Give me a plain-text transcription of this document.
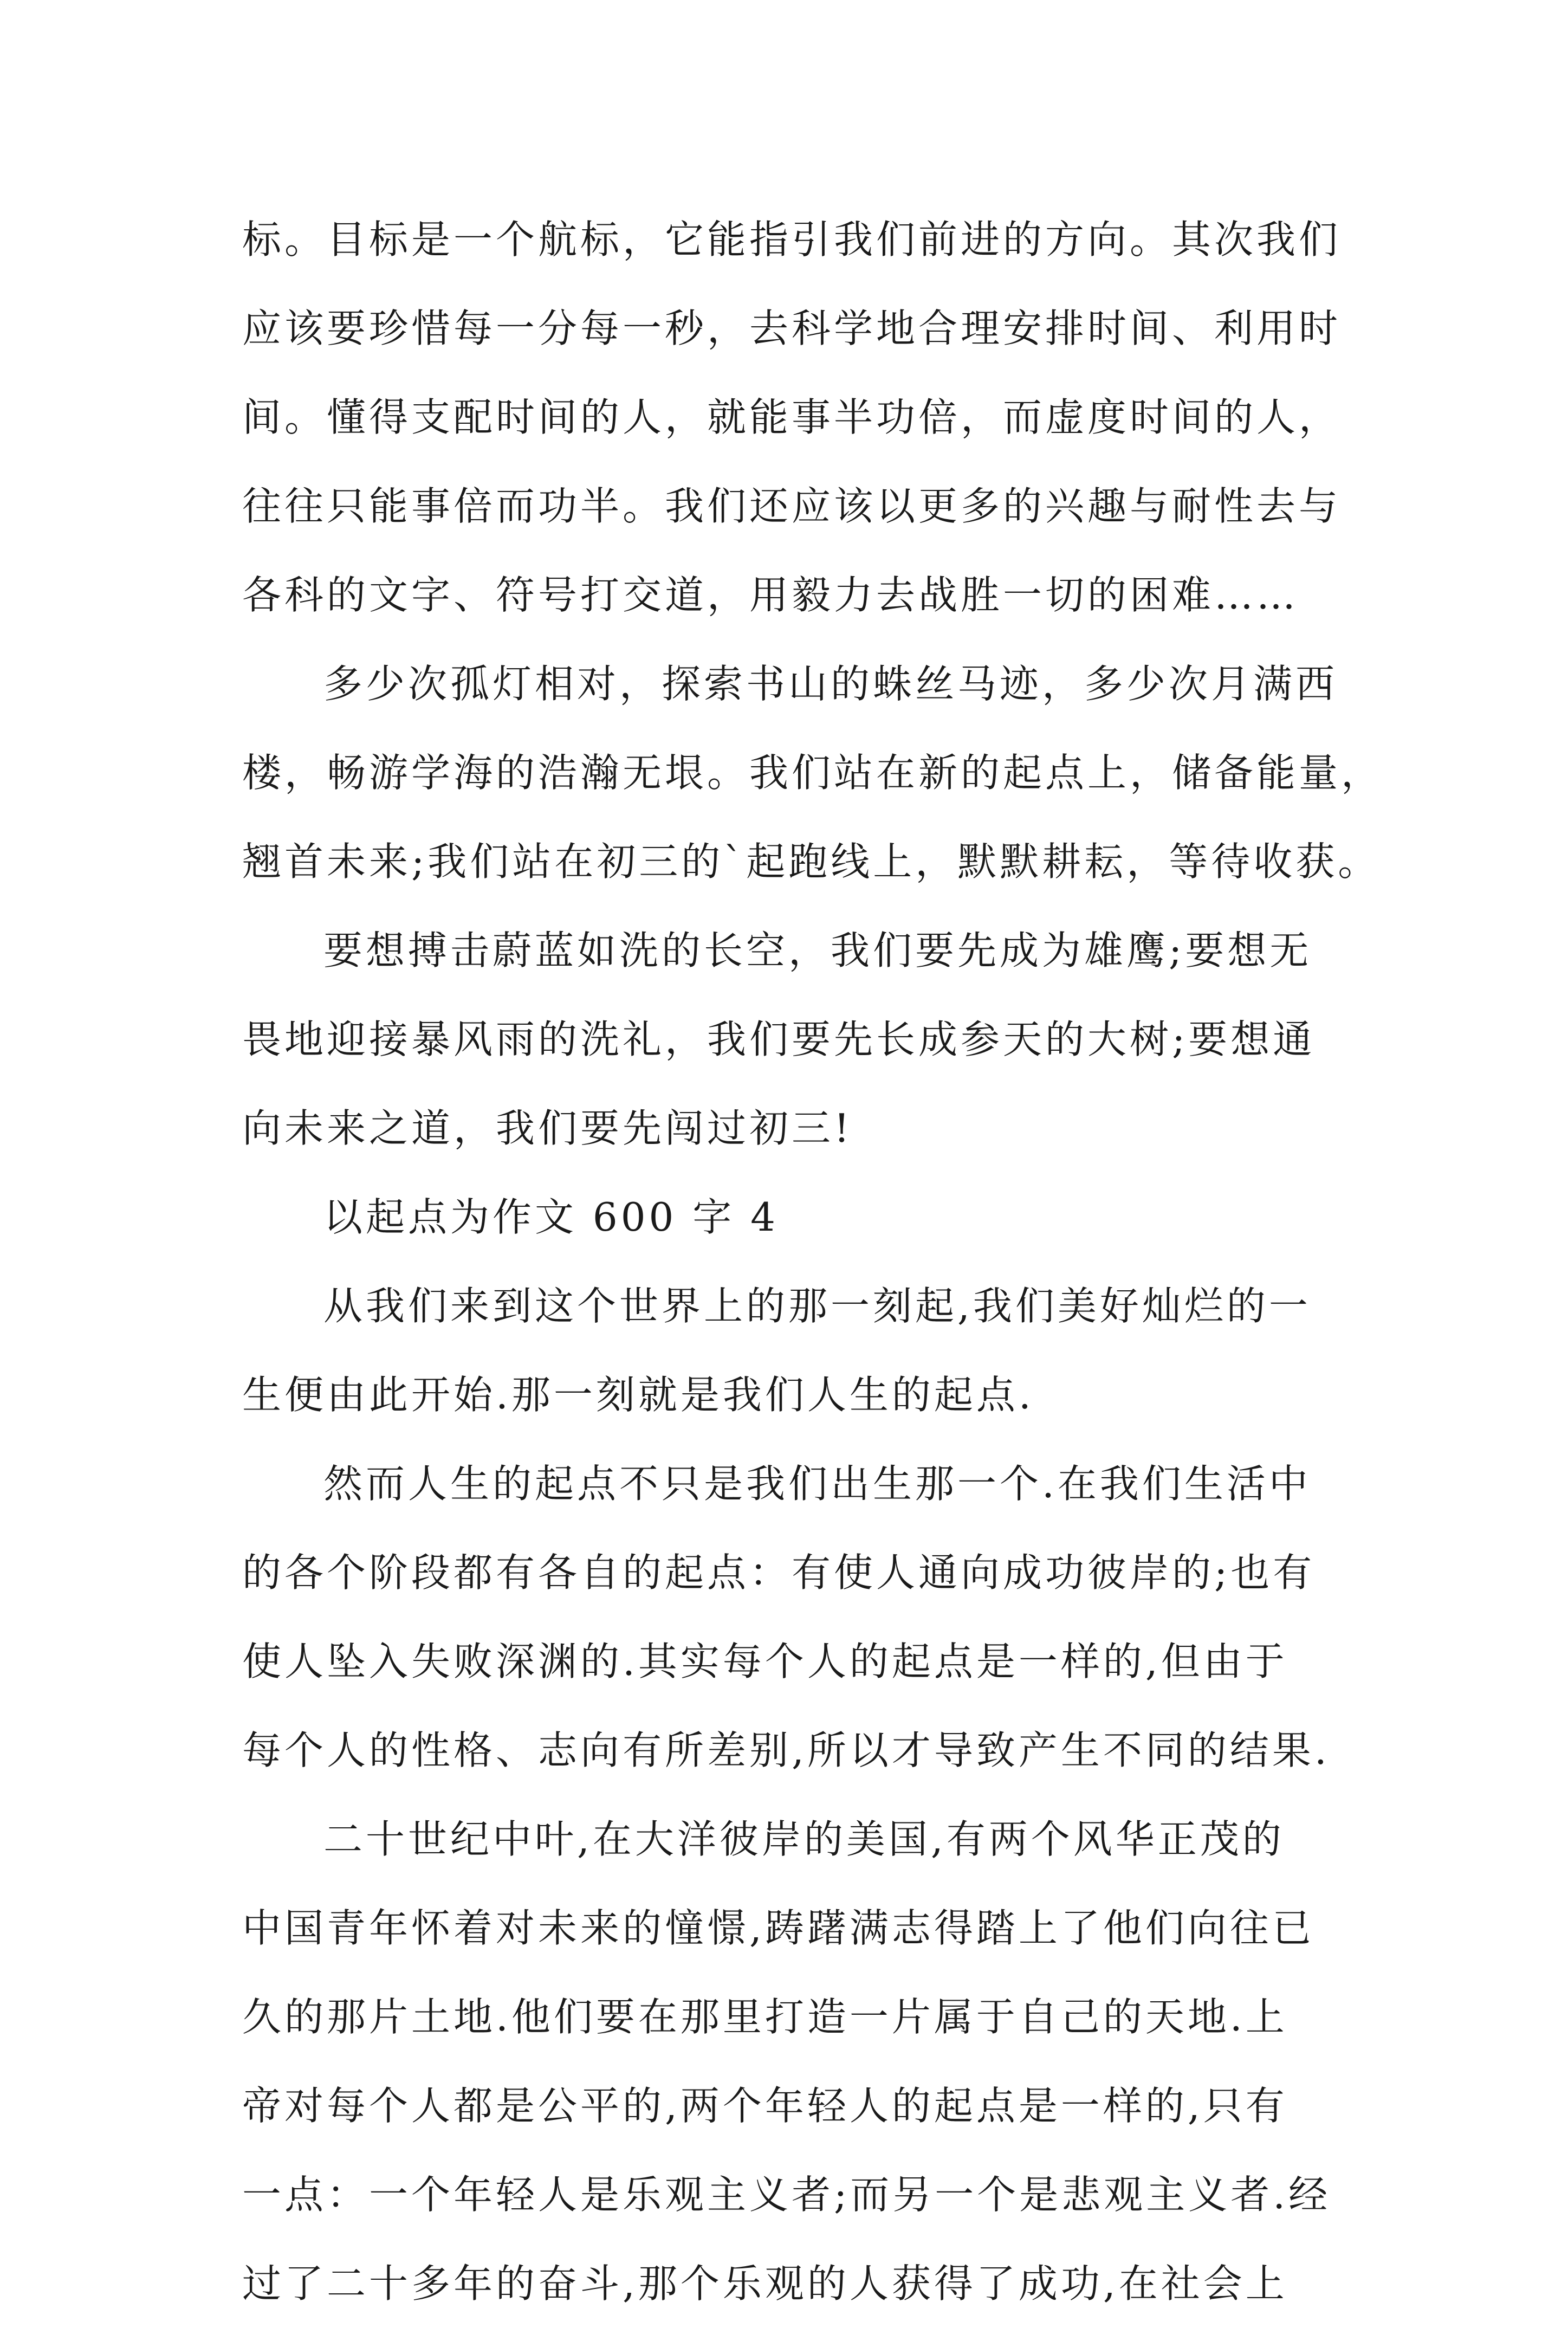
标。目标是一个航标，它能指引我们前进的方向。其次我们
应该要珍惜每一分每一秒，去科学地合理安排时间、利用时
间。懂得支配时间的人，就能事半功倍，而虚度时间的人，
往往只能事倍而功半。我们还应该以更多的兴趣与耐性去与
各科的文字、符号打交道，用毅力去战胜一切的困难……
多少次孤灯相对，探索书山的蛛丝马迹，多少次月满西
楼，畅游学海的浩瀚无垠。我们站在新的起点上，储备能量，
翘首未来;我们站在初三的`起跑线上，默默耕耘，等待收获。
要想搏击蔚蓝如洗的长空，我们要先成为雄鹰;要想无
畏地迎接暴风雨的洗礼，我们要先长成参天的大树;要想通
向未来之道，我们要先闯过初三!
以起点为作文 600 字 4
从我们来到这个世界上的那一刻起,我们美好灿烂的一
生便由此开始.那一刻就是我们人生的起点.
然而人生的起点不只是我们出生那一个.在我们生活中
的各个阶段都有各自的起点：有使人通向成功彼岸的;也有
使人坠入失败深渊的.其实每个人的起点是一样的,但由于
每个人的性格、志向有所差别,所以才导致产生不同的结果.
二十世纪中叶,在大洋彼岸的美国,有两个风华正茂的
中国青年怀着对未来的憧憬,踌躇满志得踏上了他们向往已
久的那片土地.他们要在那里打造一片属于自己的天地.上
帝对每个人都是公平的,两个年轻人的起点是一样的,只有
一点：一个年轻人是乐观主义者;而另一个是悲观主义者.经
过了二十多年的奋斗,那个乐观的人获得了成功,在社会上
